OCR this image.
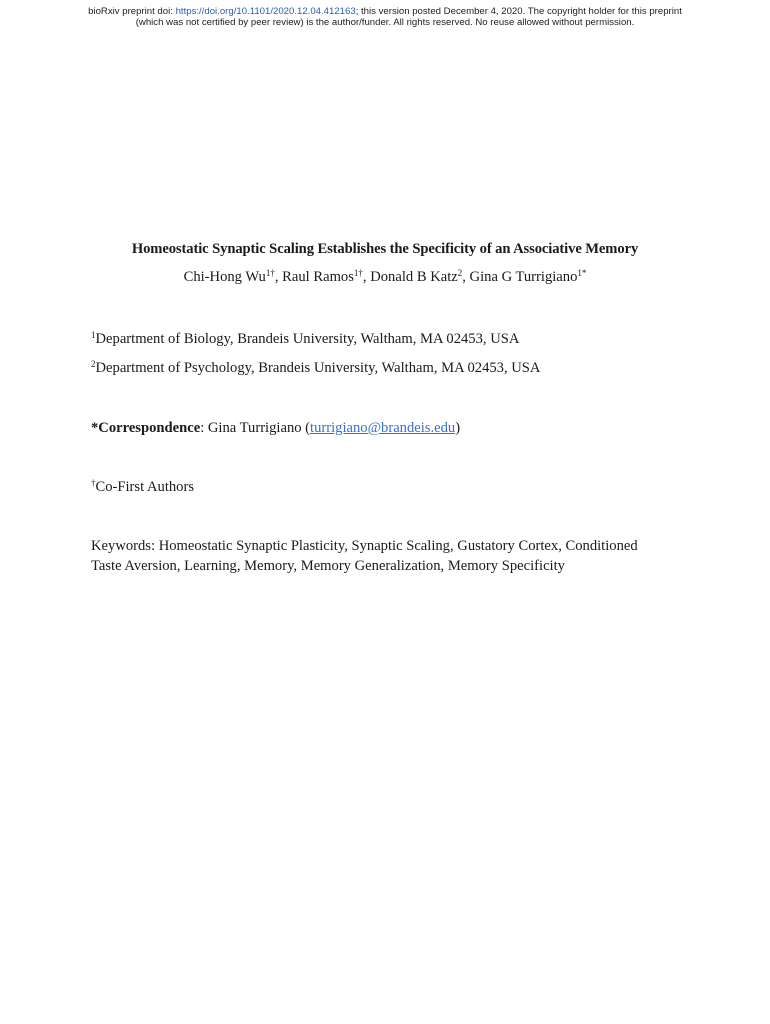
bioRxiv preprint doi: https://doi.org/10.1101/2020.12.04.412163; this version posted December 4, 2020. The copyright holder for this preprint
(which was not certified by peer review) is the author/funder. All rights reserved. No reuse allowed without permission.
Homeostatic Synaptic Scaling Establishes the Specificity of an Associative Memory
Chi-Hong $Wu^{1\dagger}$, Raul Ramos$^{1\dagger}$, Donald B Katz$^2$, Gina G Turrigiano$^{1*}$
$^1$Department of Biology, Brandeis University, Waltham, MA 02453, USA
$^2$Department of Psychology, Brandeis University, Waltham, MA 02453, USA
*Correspondence: Gina Turrigiano (turrigiano@brandeis.edu)
†Co-First Authors
Keywords: Homeostatic Synaptic Plasticity, Synaptic Scaling, Gustatory Cortex, Conditioned
Taste Aversion, Learning, Memory, Memory Generalization, Memory Specificity
